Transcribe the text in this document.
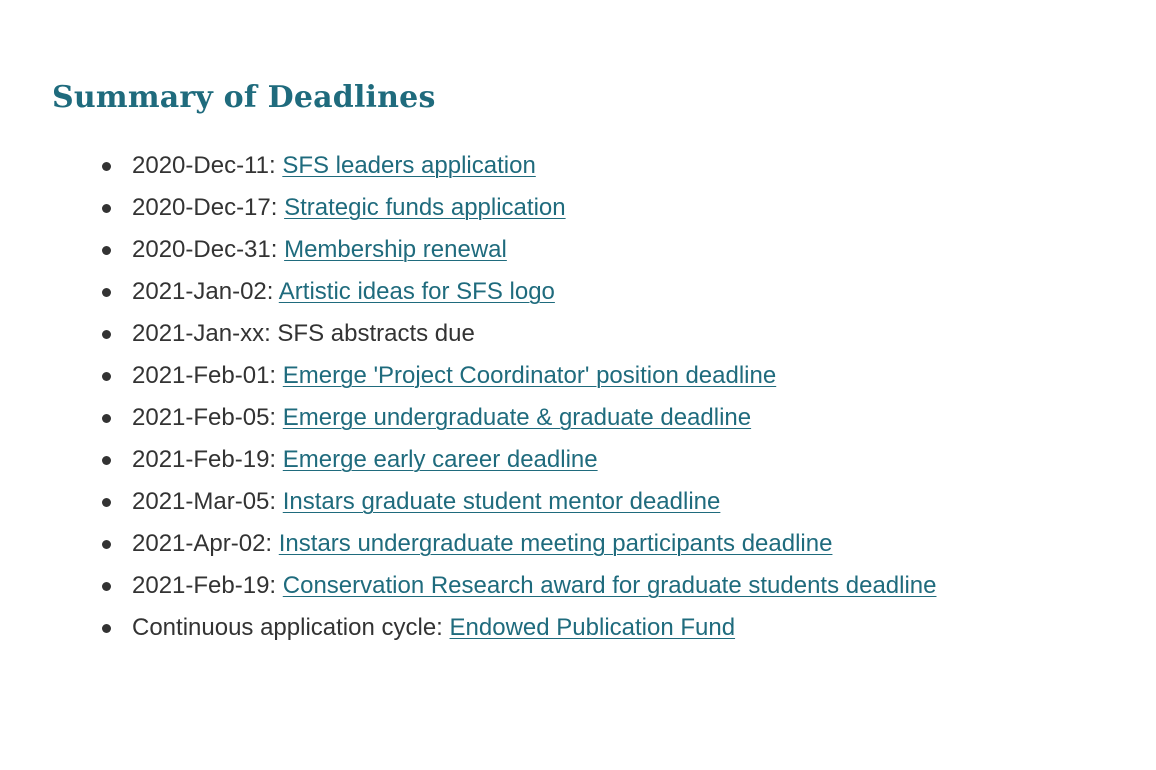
Summary of Deadlines
2020-Dec-11: SFS leaders application
2020-Dec-17: Strategic funds application
2020-Dec-31: Membership renewal
2021-Jan-02: Artistic ideas for SFS logo
2021-Jan-xx: SFS abstracts due
2021-Feb-01: Emerge 'Project Coordinator' position deadline
2021-Feb-05: Emerge undergraduate & graduate deadline
2021-Feb-19: Emerge early career deadline
2021-Mar-05: Instars graduate student mentor deadline
2021-Apr-02: Instars undergraduate meeting participants deadline
2021-Feb-19: Conservation Research award for graduate students deadline
Continuous application cycle: Endowed Publication Fund
